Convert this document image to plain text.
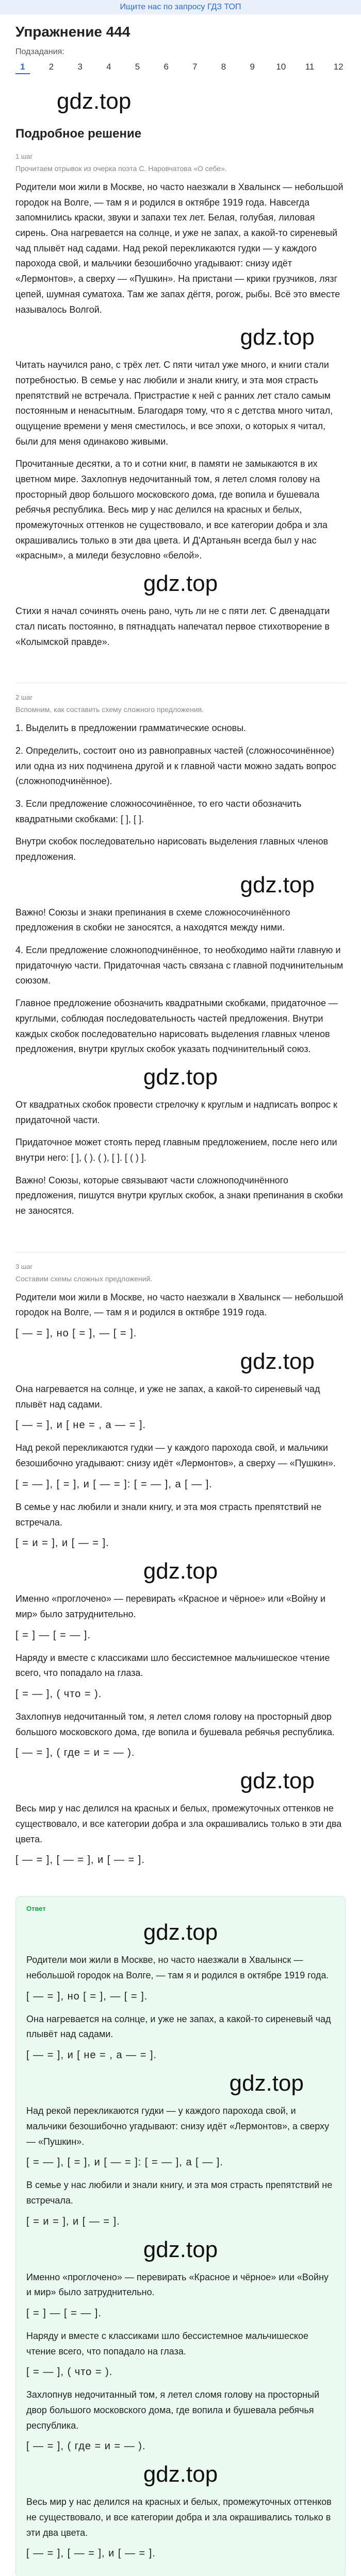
Ищите нас по запросу ГДЗ ТОП
Упражнение 444
Подзадания:
1	2	3	4	5	6	7	8	9	10 11 12
gdz.top
Подробное решение
1 шаг
Прочитаем отрывок из очерка поэта С. Наровчатова «О себе».

Родители мои жили в Москве, но часто наезжали в Хвалынск — небольшой городок на Волге, — там я и родился в октябре 1919 года. Навсегда запомнились краски, звуки и запахи тех лет. Белая, голубая, лиловая сирень. Она нагревается на солнце, и уже не запах, а какой-то сиреневый чад плывёт над садами. Над рекой перекликаются гудки — у каждого парохода свой, и мальчики безошибочно угадывают: снизу идёт «Лермонтов», а сверху — «Пушкин». На пристани — крики грузчиков, лязг цепей, шумная суматоха. Там же запах дёгтя, рогож, рыбы. Всё это вместе называлось Волгой.

gdz.top

Читать научился рано, с трёх лет. С пяти читал уже много, и книги стали потребностью. В семье у нас любили и знали книгу, и эта моя страсть препятствий не встречала. Пристрастие к ней с ранних лет стало самым постоянным и ненасытным. Благодаря тому, что я с детства много читал, ощущение времени у меня сместилось, и все эпохи, о которых я читал, были для меня одинаково живыми.

Прочитанные десятки, а то и сотни книг, в памяти не замыкаются в их цветном мире. Захлопнув недочитанный том, я летел сломя голову на просторный двор большого московского дома, где вопила и бушевала ребячья республика. Весь мир у нас делился на красных и белых, промежуточных оттенков не существовало, и все категории добра и зла окрашивались только в эти два цвета. И Д'Артаньян всегда был у нас «красным», а миледи безусловно «белой».

gdz.top

Стихи я начал сочинять очень рано, чуть ли не с пяти лет. С двенадцати стал писать постоянно, в пятнадцать напечатал первое стихотворение в «Колымской правде».

2 шаг
Вспомним, как составить схему сложного предложения.

1. Выделить в предложении грамматические основы.

2. Определить, состоит оно из равноправных частей (сложносочинённое) или одна из них подчинена другой и к главной части можно задать вопрос (сложноподчинённое).

3. Если предложение сложносочинённое, то его части обозначить квадратными скобками: [ ], [ ].

Внутри скобок последовательно нарисовать выделения главных членов предложения.

gdz.top

Важно! Союзы и знаки препинания в схеме сложносочинённого предложения в скобки не заносятся, а находятся между ними.

4. Если предложение сложноподчинённое, то необходимо найти главную и придаточную части. Придаточная часть связана с главной подчинительным союзом.

Главное предложение обозначить квадратными скобками, придаточное — круглыми, соблюдая последовательность частей предложения. Внутри каждых скобок последовательно нарисовать выделения главных членов предложения, внутри круглых скобок указать подчинительный союз.

gdz.top

От квадратных скобок провести стрелочку к круглым и надписать вопрос к придаточной части.

Придаточное может стоять перед главным предложением, после него или внутри него: [ ], ( ). ( ), [ ]. [ ( ) ].

Важно! Союзы, которые связывают части сложноподчинённого предложения, пишутся внутри круглых скобок, а знаки препинания в скобки не заносятся.

3 шаг
Составим схемы сложных предложений.

Родители мои жили в Москве, но часто наезжали в Хвалынск — небольшой городок на Волге, — там я и родился в октябре 1919 года.

[ — = ], но [ = ], — [ = ].
gdz.top

Она нагревается на солнце, и уже не запах, а какой-то сиреневый чад плывёт над садами.

[ — = ], и [ не = , а — = ].

Над рекой перекликаются гудки — у каждого парохода свой, и мальчики безошибочно угадывают: снизу идёт «Лермонтов», а сверху — «Пушкин».

[ = — ], [ = ], и [ — = ]: [ = — ], а [ — ].

В семье у нас любили и знали книгу, и эта моя страсть препятствий не встречала.

[ = и = ], и [ — = ].
gdz.top

Именно «проглочено» — перевирать «Красное и чёрное» или «Войну и мир» было затруднительно.

[ = ] — [ = — ].

Наряду и вместе с классиками шло бессистемное мальчишеское чтение всего, что попадало на глаза.

[ = — ], ( что = ).

Захлопнув недочитанный том, я летел сломя голову на просторный двор большого московского дома, где вопила и бушевала ребячья республика.

[ — = ], ( где = и = — ).
gdz.top

Весь мир у нас делился на красных и белых, промежуточных оттенков не существовало, и все категории добра и зла окрашивались только в эти два цвета.

[ — = ], [ — = ], и [ — = ].
Ответ
gdz.top

Родители мои жили в Москве, но часто наезжали в Хвалынск — небольшой городок на Волге, — там я и родился в октябре 1919 года.

[ — = ], но [ = ], — [ = ].

Она нагревается на солнце, и уже не запах, а какой-то сиреневый чад плывёт над садами.

[ — = ], и [ не = , а — = ].
gdz.top

Над рекой перекликаются гудки — у каждого парохода свой, и мальчики безошибочно угадывают: снизу идёт «Лермонтов», а сверху — «Пушкин».

[ = — ], [ = ], и [ — = ]: [ = — ], а [ — ].

В семье у нас любили и знали книгу, и эта моя страсть препятствий не встречала.

[ = и = ], и [ — = ].
gdz.top

Именно «проглочено» — перевирать «Красное и чёрное» или «Войну и мир» было затруднительно.

[ = ] — [ = — ].

Наряду и вместе с классиками шло бессистемное мальчишеское чтение всего, что попадало на глаза.

[ = — ], ( что = ).

Захлопнув недочитанный том, я летел сломя голову на просторный двор большого московского дома, где вопила и бушевала ребячья республика.

[ — = ], ( где = и = — ).
gdz.top

Весь мир у нас делился на красных и белых, промежуточных оттенков не существовало, и все категории добра и зла окрашивались только в эти два цвета.

[ — = ], [ — = ], и [ — = ].
